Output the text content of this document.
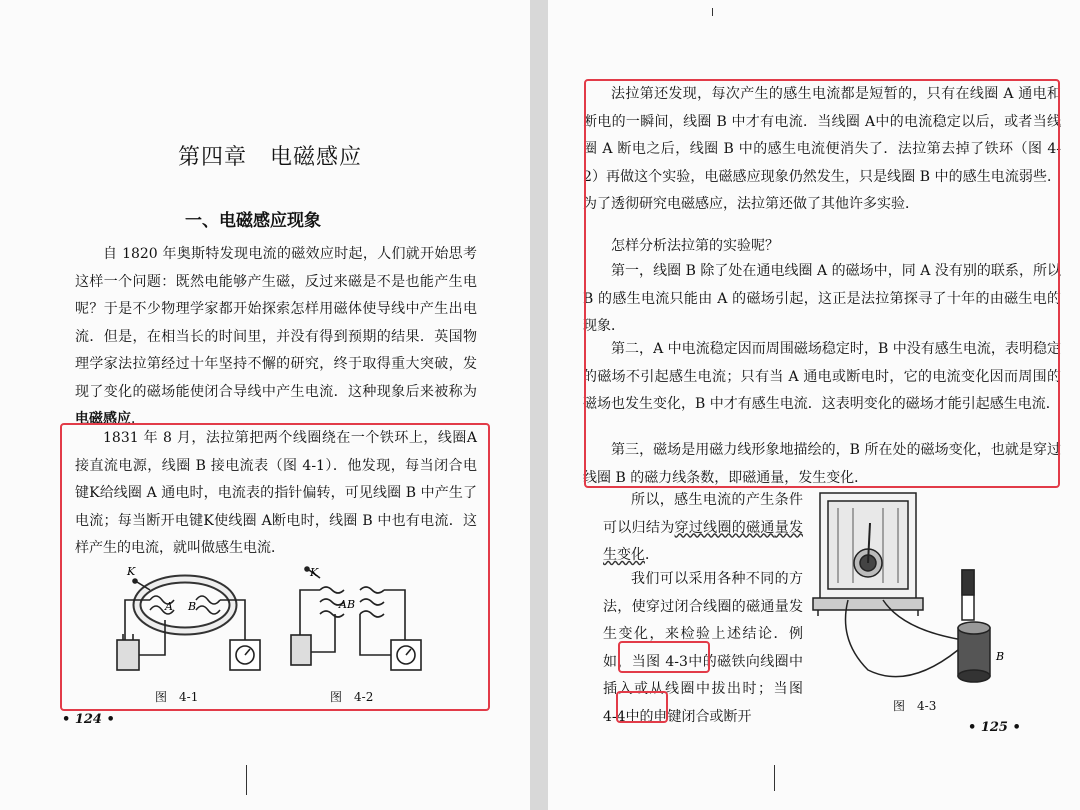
第四章　电磁感应
一、电磁感应现象
自 1820 年奥斯特发现电流的磁效应时起，人们就开始思考这样一个问题：既然电能够产生磁，反过来磁是不是也能产生电呢？于是不少物理学家都开始探索怎样用磁体使导线中产生出电流．但是，在相当长的时间里，并没有得到预期的结果．英国物理学家法拉第经过十年坚持不懈的研究，终于取得重大突破，发现了变化的磁场能使闭合导线中产生电流．这种现象后来被称为电磁感应．
1831 年 8 月，法拉第把两个线圈绕在一个铁环上，线圈A接直流电源，线圈 B 接电流表（图 4-1）．他发现，每当闭合电键K给线圈 A 通电时，电流表的指针偏转，可见线圈 B 中产生了电流；每当断开电键K使线圈 A断电时，线圈 B 中也有电流．这样产生的电流，就叫做感生电流．
K
A B
K
A B
图　4-1	图　4-2
• 124 •
法拉第还发现，每次产生的感生电流都是短暂的，只有在线圈 A 通电和断电的一瞬间，线圈 B 中才有电流．当线圈 A中的电流稳定以后，或者当线圈 A 断电之后，线圈 B 中的感生电流便消失了．法拉第去掉了铁环（图 4-2）再做这个实验，电磁感应现象仍然发生，只是线圈 B 中的感生电流弱些．为了透彻研究电磁感应，法拉第还做了其他许多实验．
怎样分析法拉第的实验呢？
第一，线圈 B 除了处在通电线圈 A 的磁场中，同 A 没有别的联系，所以 B 的感生电流只能由 A 的磁场引起，这正是法拉第探寻了十年的由磁生电的现象．
第二，A 中电流稳定因而周围磁场稳定时，B 中没有感生电流，表明稳定的磁场不引起感生电流；只有当 A 通电或断电时，它的电流变化因而周围的磁场也发生变化，B 中才有感生电流．这表明变化的磁场才能引起感生电流．
第三，磁场是用磁力线形象地描绘的，B 所在处的磁场变化，也就是穿过线圈 B 的磁力线条数，即磁通量，发生变化．
所以，感生电流的产生条件可以归结为穿过线圈的磁通量发生变化．
我们可以采用各种不同的方法，使穿过闭合线圈的磁通量发生变化，来检验上述结论．例如，当图 4-3中的磁铁向线圈中插入或从线圈中拔出时；当图 4-4中的电键闭合或断开
B
图　4-3
• 125 •
